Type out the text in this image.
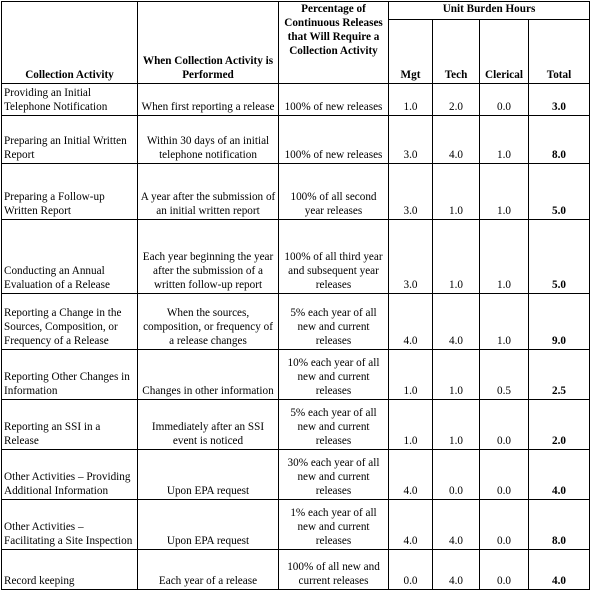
Collection Activity	When Collection Activity is Performed	Percentage of Continuous Releases that Will Require a Collection Activity	Unit Burden Hours			
			Mgt	Tech	Clerical	Total
Providing an Initial Telephone Notification	When first reporting a release	100% of new releases	1.0	2.0	0.0	3.0
Preparing an Initial Written Report	Within 30 days of an initial telephone notification	100% of new releases	3.0	4.0	1.0	8.0
Preparing a Follow-up Written Report	A year after the submission of an initial written report	100% of all second year releases	3.0	1.0	1.0	5.0
Conducting an Annual Evaluation of a Release	Each year beginning the year after the submission of a written follow-up report	100% of all third year and subsequent year releases	3.0	1.0	1.0	5.0
Reporting a Change in the Sources, Composition, or Frequency of a Release	When the sources, composition, or frequency of a release changes	5% each year of all new and current releases	4.0	4.0	1.0	9.0
Reporting Other Changes in Information	Changes in other information	10% each year of all new and current releases	1.0	1.0	0.5	2.5
Reporting an SSI in a Release	Immediately after an SSI event is noticed	5% each year of all new and current releases	1.0	1.0	0.0	2.0
Other Activities – Providing Additional Information	Upon EPA request	30% each year of all new and current releases	4.0	0.0	0.0	4.0
Other Activities – Facilitating a Site Inspection	Upon EPA request	1% each year of all new and current releases	4.0	4.0	0.0	8.0
Record keeping	Each year of a release	100% of all new and current releases	0.0	4.0	0.0	4.0
